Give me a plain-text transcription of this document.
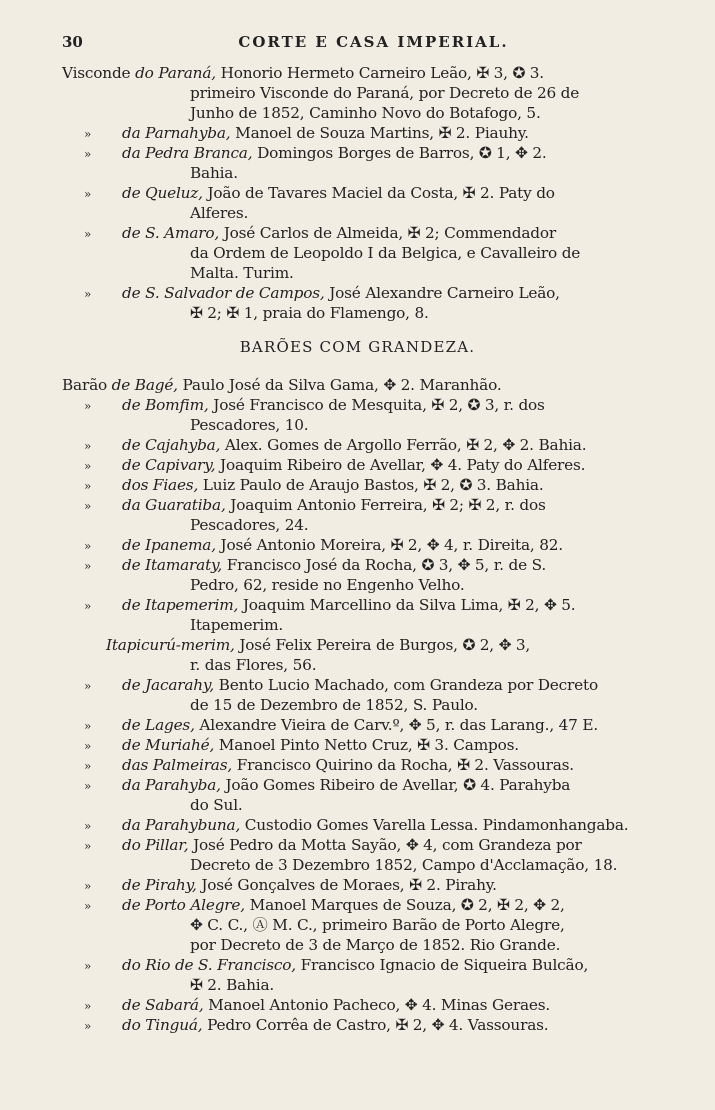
30	CORTE E CASA IMPERIAL.
Visconde do Paraná, Honorio Hermeto Carneiro Leão, ✠ 3, ✪ 3.
primeiro Visconde do Paraná, por Decreto de 26 de
Junho de 1852, Caminho Novo do Botafogo, 5.
» da Parnahyba, Manoel de Souza Martins, ✠ 2. Piauhy.
» da Pedra Branca, Domingos Borges de Barros, ✪ 1, ✥ 2.
Bahia.
» de Queluz, João de Tavares Maciel da Costa, ✠ 2. Paty do
Alferes.
» de S. Amaro, José Carlos de Almeida, ✠ 2; Commendador
da Ordem de Leopoldo I da Belgica, e Cavalleiro de
Malta. Turim.
» de S. Salvador de Campos, José Alexandre Carneiro Leão,
✠ 2; ✠ 1, praia do Flamengo, 8.
BARÕES COM GRANDEZA.
Barão de Bagé, Paulo José da Silva Gama, ✥ 2. Maranhão.
» de Bomfim, José Francisco de Mesquita, ✠ 2, ✪ 3, r. dos
Pescadores, 10.
» de Cajahyba, Alex. Gomes de Argollo Ferrão, ✠ 2, ✥ 2. Bahia.
» de Capivary, Joaquim Ribeiro de Avellar, ✥ 4. Paty do Alferes.
» dos Fiaes, Luiz Paulo de Araujo Bastos, ✠ 2, ✪ 3. Bahia.
» da Guaratiba, Joaquim Antonio Ferreira, ✠ 2; ✠ 2, r. dos
Pescadores, 24.
» de Ipanema, José Antonio Moreira, ✠ 2, ✥ 4, r. Direita, 82.
» de Itamaraty, Francisco José da Rocha, ✪ 3, ✥ 5, r. de S.
Pedro, 62, reside no Engenho Velho.
» de Itapemerim, Joaquim Marcellino da Silva Lima, ✠ 2, ✥ 5.
Itapemerim.
Itapicurú-merim, José Felix Pereira de Burgos, ✪ 2, ✥ 3,
r. das Flores, 56.
» de Jacarahy, Bento Lucio Machado, com Grandeza por Decreto
de 15 de Dezembro de 1852, S. Paulo.
» de Lages, Alexandre Vieira de Carv.º, ✥ 5, r. das Larang., 47 E.
» de Muriahé, Manoel Pinto Netto Cruz, ✠ 3. Campos.
» das Palmeiras, Francisco Quirino da Rocha, ✠ 2. Vassouras.
» da Parahyba, João Gomes Ribeiro de Avellar, ✪ 4. Parahyba
do Sul.
» da Parahybuna, Custodio Gomes Varella Lessa. Pindamonhangaba.
» do Pillar, José Pedro da Motta Sayão, ✥ 4, com Grandeza por
Decreto de 3 Dezembro 1852, Campo d'Acclamação, 18.
» de Pirahy, José Gonçalves de Moraes, ✠ 2. Pirahy.
» de Porto Alegre, Manoel Marques de Souza, ✪ 2, ✠ 2, ✥ 2,
✥ C. C., Ⓐ M. C., primeiro Barão de Porto Alegre,
por Decreto de 3 de Março de 1852. Rio Grande.
» do Rio de S. Francisco, Francisco Ignacio de Siqueira Bulcão,
✠ 2. Bahia.
» de Sabará, Manoel Antonio Pacheco, ✥ 4. Minas Geraes.
» do Tinguá, Pedro Corrêa de Castro, ✠ 2, ✥ 4. Vassouras.
